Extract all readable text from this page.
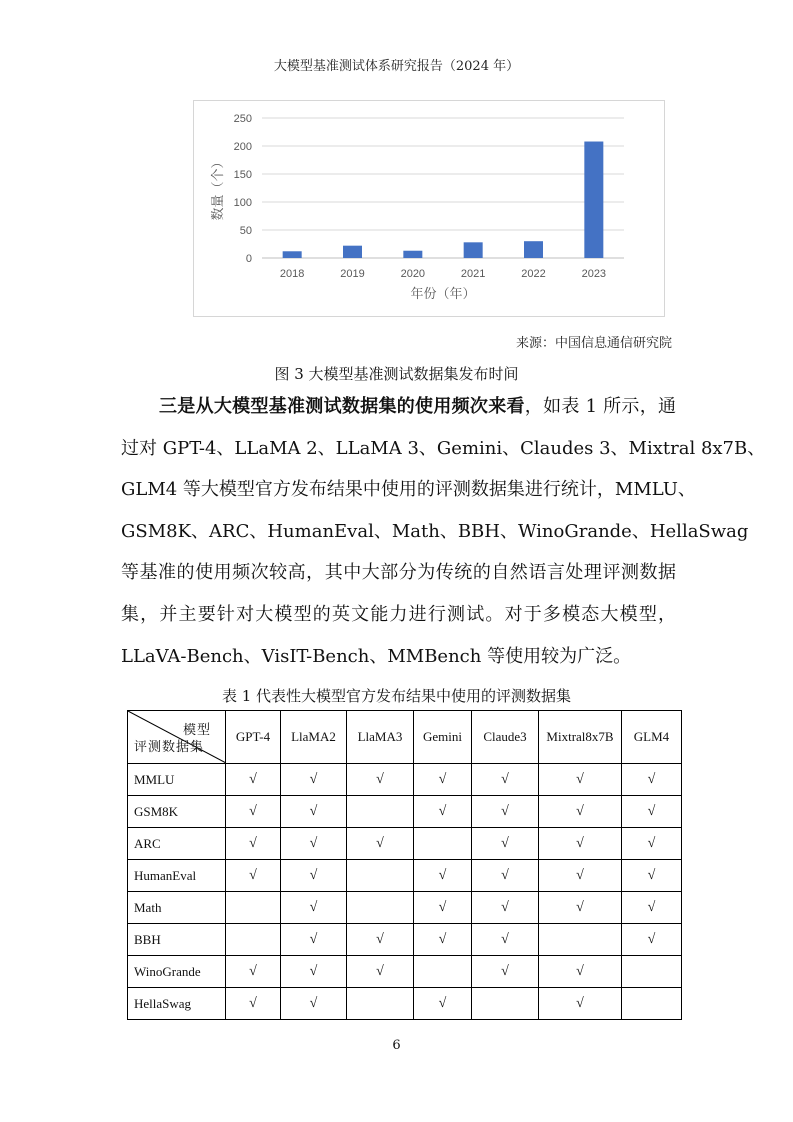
大模型基准测试体系研究报告（2024 年）
0
50
100
150
200
250
2018	2019	2020	2021	2022	2023
年份（年）
数量（个）
来源：中国信息通信研究院
图 3 大模型基准测试数据集发布时间
三是从大模型基准测试数据集的使用频次来看，如表 1 所示，通
过对 GPT-4、LLaMA 2、LLaMA 3、Gemini、Claudes 3、Mixtral 8x7B、
GLM4 等大模型官方发布结果中使用的评测数据集进行统计，MMLU、
GSM8K、ARC、HumanEval、Math、BBH、WinoGrande、HellaSwag
等基准的使用频次较高，其中大部分为传统的自然语言处理评测数据
集，并主要针对大模型的英文能力进行测试。对于多模态大模型，
LLaVA-Bench、VisIT-Bench、MMBench 等使用较为广泛。
表 1 代表性大模型官方发布结果中使用的评测数据集
模型
评测数据集	GPT-4	LlaMA2	LlaMA3	Gemini	Claude3	Mixtral8x7B	GLM4
MMLU	√	√	√	√	√	√	√
GSM8K	√	√		√	√	√	√
ARC	√	√	√		√	√	√
HumanEval	√	√		√	√	√	√
Math		√		√	√	√	√
BBH		√	√	√	√		√
WinoGrande	√	√	√		√	√	
HellaSwag	√	√		√		√	
6
